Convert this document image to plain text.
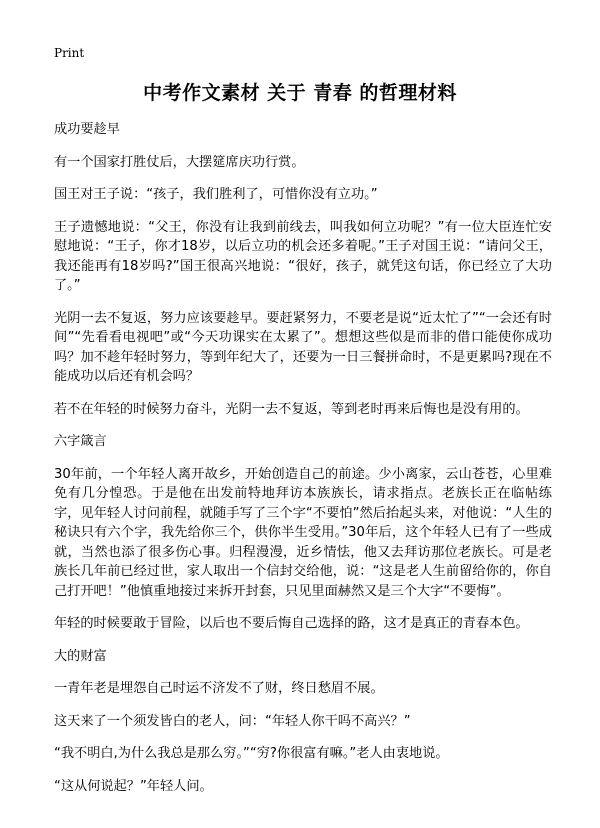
Print
中考作文素材 关于 青春 的哲理材料
成功要趁早

有一个国家打胜仗后，大摆筵席庆功行赏。

国王对王子说：“孩子，我们胜利了，可惜你没有立功。”

王子遗憾地说：“父王，你没有让我到前线去，叫我如何立功呢？”有一位大臣连忙安慰地说：“王子，你才18岁，以后立功的机会还多着呢。”王子对国王说：“请问父王，我还能再有18岁吗?”国王很高兴地说：“很好，孩子，就凭这句话，你已经立了大功了。”

光阴一去不复返，努力应该要趁早。要赶紧努力，不要老是说“近太忙了”“一会还有时间”“先看看电视吧”或“今天功课实在太累了”。想想这些似是而非的借口能使你成功吗？加不趁年轻时努力，等到年纪大了，还要为一日三餐拼命时，不是更累吗?现在不能成功以后还有机会吗？

若不在年轻的时候努力奋斗，光阴一去不复返，等到老时再来后悔也是没有用的。

六字箴言

30年前，一个年轻人离开故乡，开始创造自己的前途。少小离家，云山苍苍，心里难免有几分惶恐。于是他在出发前特地拜访本族族长，请求指点。老族长正在临帖练字，见年轻人讨问前程，就随手写了三个字“不要怕”然后抬起头来，对他说：“人生的秘诀只有六个字，我先给你三个，供你半生受用。”30年后，这个年轻人已有了一些成就，当然也添了很多伤心事。归程漫漫，近乡情怯，他又去拜访那位老族长。可是老族长几年前已经过世，家人取出一个信封交给他，说：“这是老人生前留给你的，你自己打开吧！”他慎重地接过来拆开封套，只见里面赫然又是三个大字“不要悔”。

年轻的时候要敢于冒险，以后也不要后悔自己选择的路，这才是真正的青春本色。

大的财富

一青年老是埋怨自己时运不济发不了财，终日愁眉不展。

这天来了一个须发皆白的老人，问：“年轻人你干吗不高兴？”

“我不明白,为什么我总是那么穷。”“穷?你很富有嘛。”老人由衷地说。

“这从何说起？”年轻人问。
